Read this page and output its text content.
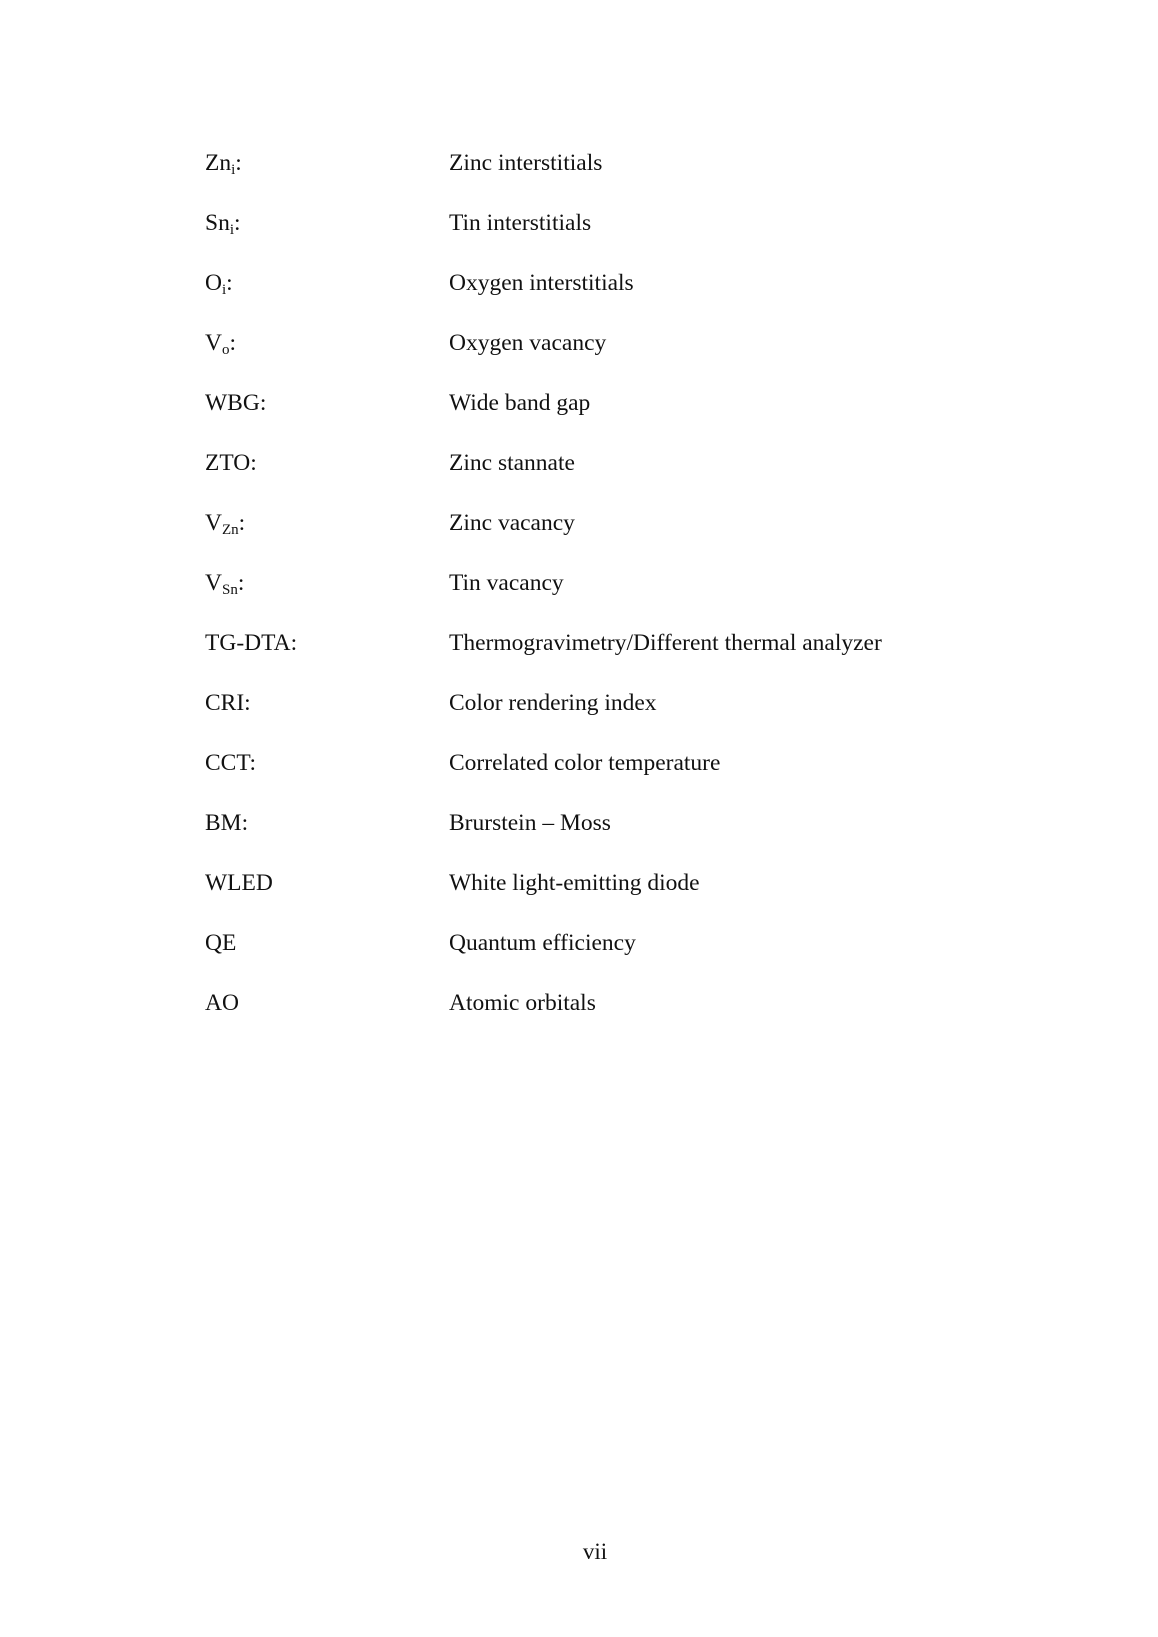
$Zn_i$:	Zinc interstitials
$Sn_i$:	Tin interstitials
$O_i$:	Oxygen interstitials
$V_o$:	Oxygen vacancy
WBG:	Wide band gap
ZTO:	Zinc stannate
$V_{Zn}$:	Zinc vacancy
$V_{Sn}$:	Tin vacancy
TG-DTA:	Thermogravimetry/Different thermal analyzer
CRI:	Color rendering index
CCT:	Correlated color temperature
BM:	Brurstein – Moss
WLED	White light-emitting diode
QE	Quantum efficiency
AO	Atomic orbitals
vii
